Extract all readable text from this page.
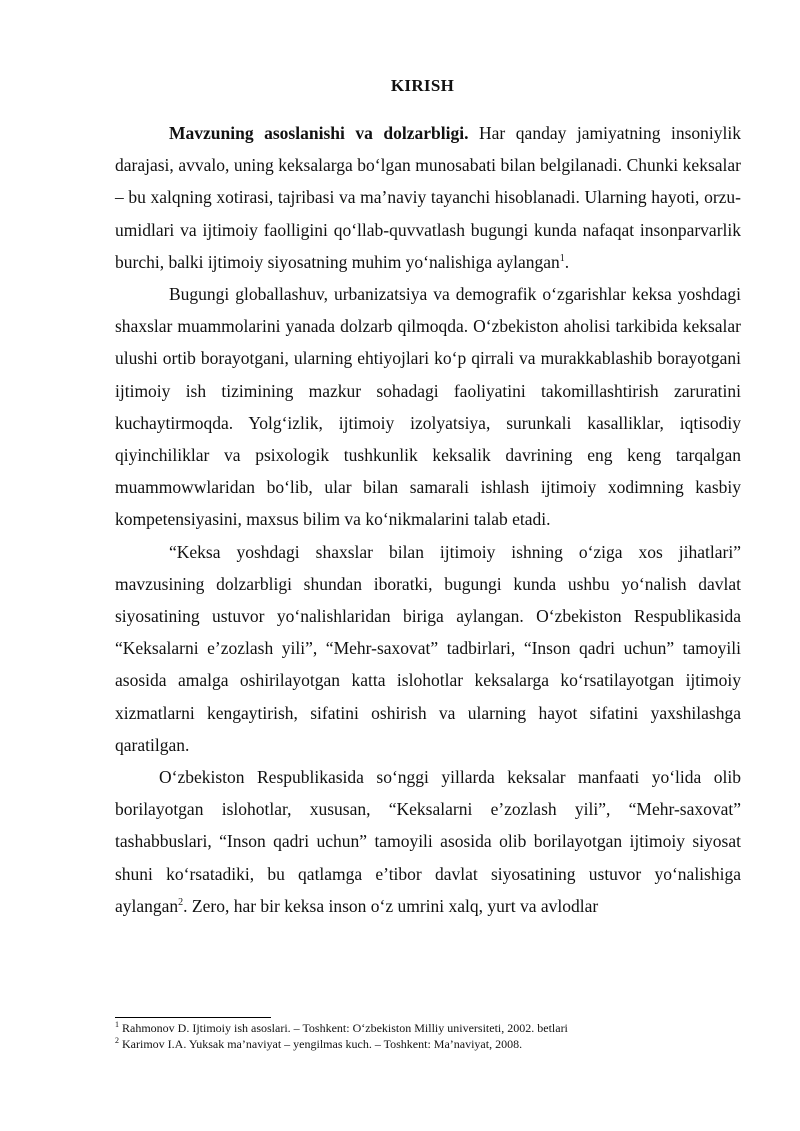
KIRISH

Mavzuning asoslanishi va dolzarbligi. Har qanday jamiyatning insoniylik darajasi, avvalo, uning keksalarga bo‘lgan munosabati bilan belgilanadi. Chunki keksalar – bu xalqning xotirasi, tajribasi va ma’naviy tayanchi hisoblanadi. Ularning hayoti, orzu-umidlari va ijtimoiy faolligini qo‘llab-quvvatlash bugungi kunda nafaqat insonparvarlik burchi, balki ijtimoiy siyosatning muhim yo‘nalishiga aylangan$^1$.

Bugungi globallashuv, urbanizatsiya va demografik o‘zgarishlar keksa yoshdagi shaxslar muammolarini yanada dolzarb qilmoqda. O‘zbekiston aholisi tarkibida keksalar ulushi ortib borayotgani, ularning ehtiyojlari ko‘p qirrali va murakkablashib borayotgani ijtimoiy ish tizimining mazkur sohadagi faoliyatini takomillashtirish zaruratini kuchaytirmoqda. Yolg‘izlik, ijtimoiy izolyatsiya, surunkali kasalliklar, iqtisodiy qiyinchiliklar va psixologik tushkunlik keksalik davrining eng keng tarqalgan muammowwlaridan bo‘lib, ular bilan samarali ishlash ijtimoiy xodimning kasbiy kompetensiyasini, maxsus bilim va ko‘nikmalarini talab etadi.

“Keksa yoshdagi shaxslar bilan ijtimoiy ishning o‘ziga xos jihatlari” mavzusining dolzarbligi shundan iboratki, bugungi kunda ushbu yo‘nalish davlat siyosatining ustuvor yo‘nalishlaridan biriga aylangan. O‘zbekiston Respublikasida “Keksalarni e’zozlash yili”, “Mehr-saxovat” tadbirlari, “Inson qadri uchun” tamoyili asosida amalga oshirilayotgan katta islohotlar keksalarga ko‘rsatilayotgan ijtimoiy xizmatlarni kengaytirish, sifatini oshirish va ularning hayot sifatini yaxshilashga qaratilgan.

O‘zbekiston Respublikasida so‘nggi yillarda keksalar manfaati yo‘lida olib borilayotgan islohotlar, xususan, “Keksalarni e’zozlash yili”, “Mehr-saxovat” tashabbuslari, “Inson qadri uchun” tamoyili asosida olib borilayotgan ijtimoiy siyosat shuni ko‘rsatadiki, bu qatlamga e’tibor davlat siyosatining ustuvor yo‘nalishiga aylangan$^2$. Zero, har bir keksa inson o‘z umrini xalq, yurt va avlodlar

$^1$ Rahmonov D. Ijtimoiy ish asoslari. – Toshkent: O‘zbekiston Milliy universiteti, 2002. betlari
$^2$ Karimov I.A. Yuksak ma’naviyat – yengilmas kuch. – Toshkent: Ma’naviyat, 2008.
